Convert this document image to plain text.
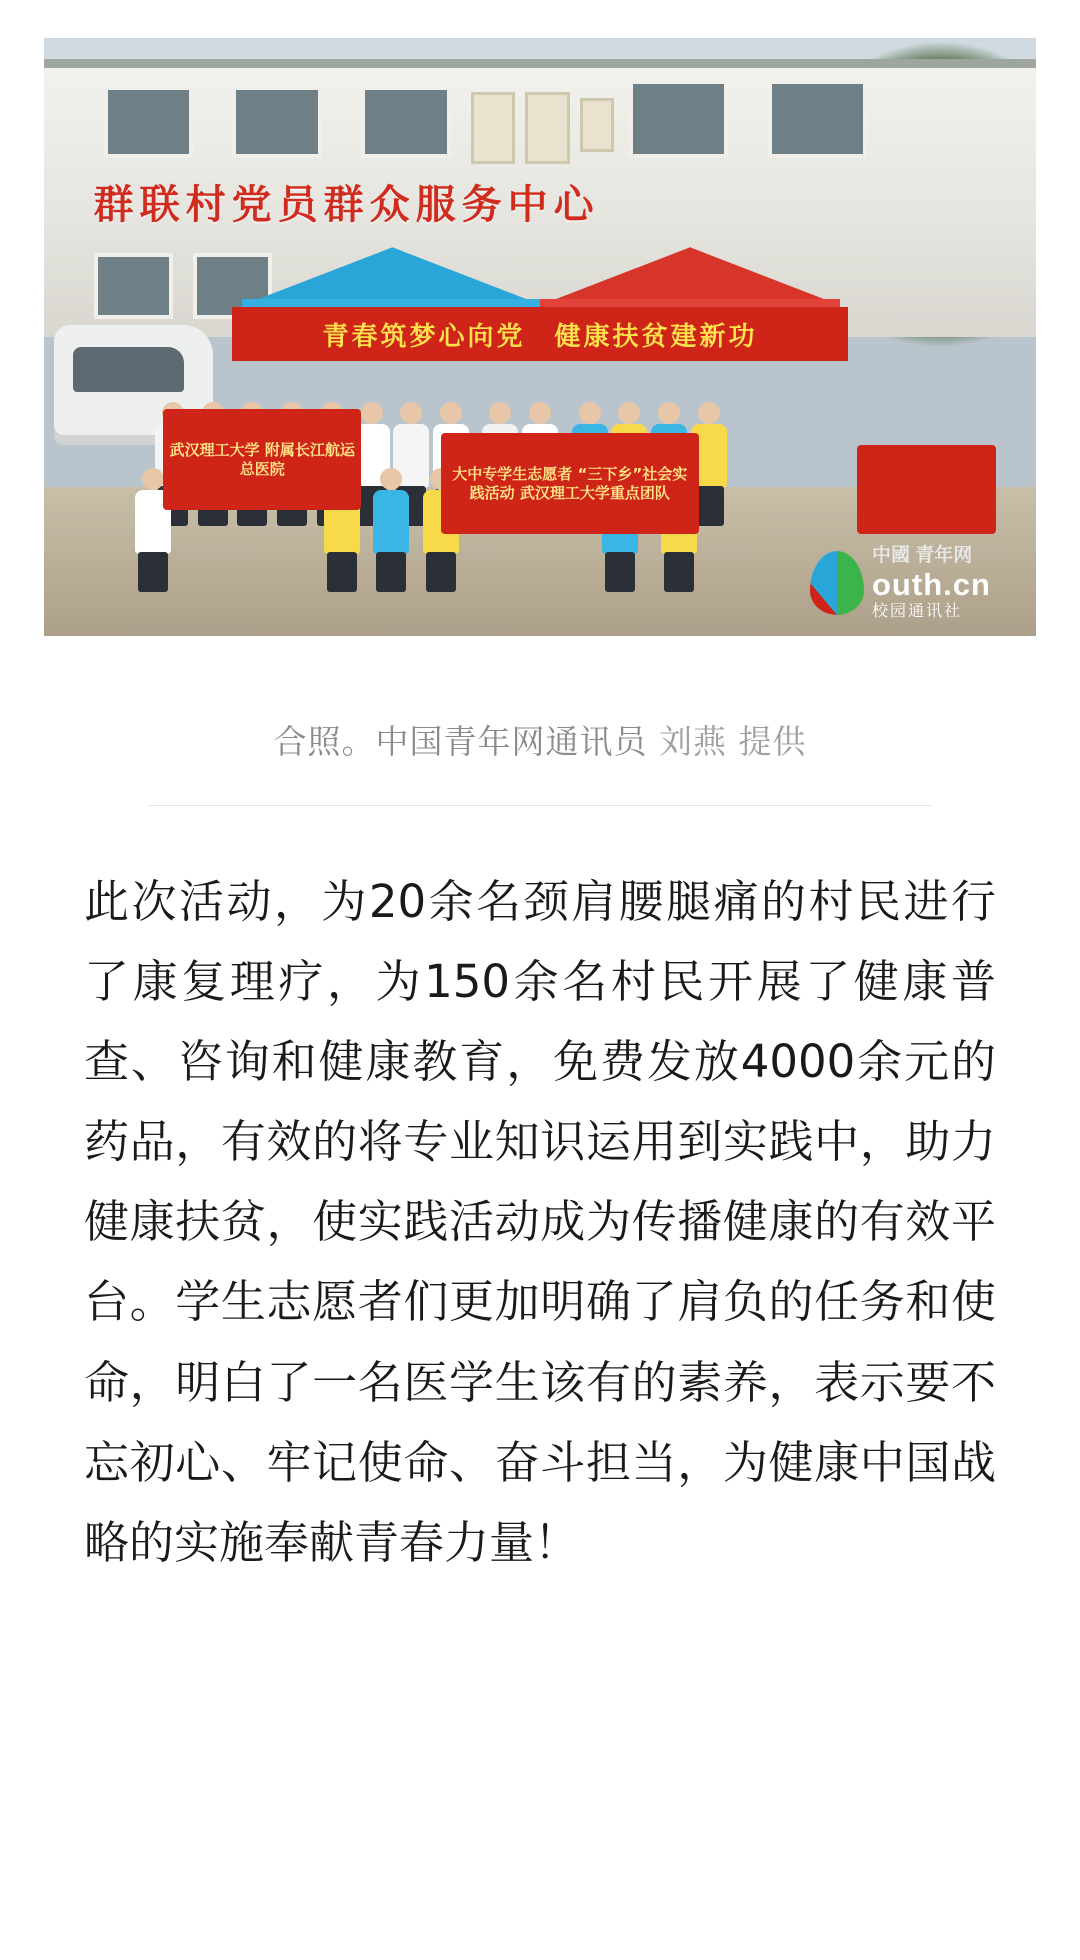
群联村党员群众服务中心
青春筑梦心向党　健康扶贫建新功
武汉理工大学 附属长江航运总医院	大中专学生志愿者 “三下乡”社会实践活动 武汉理工大学重点团队
中國 青年网
outh.cn
校园通讯社
合照。中国青年网通讯员 刘燕 提供
此次活动，为20余名颈肩腰腿痛的村民进行了康复理疗，为150余名村民开展了健康普查、咨询和健康教育，免费发放4000余元的药品，有效的将专业知识运用到实践中，助力健康扶贫，使实践活动成为传播健康的有效平台。学生志愿者们更加明确了肩负的任务和使命，明白了一名医学生该有的素养，表示要不忘初心、牢记使命、奋斗担当，为健康中国战略的实施奉献青春力量！
